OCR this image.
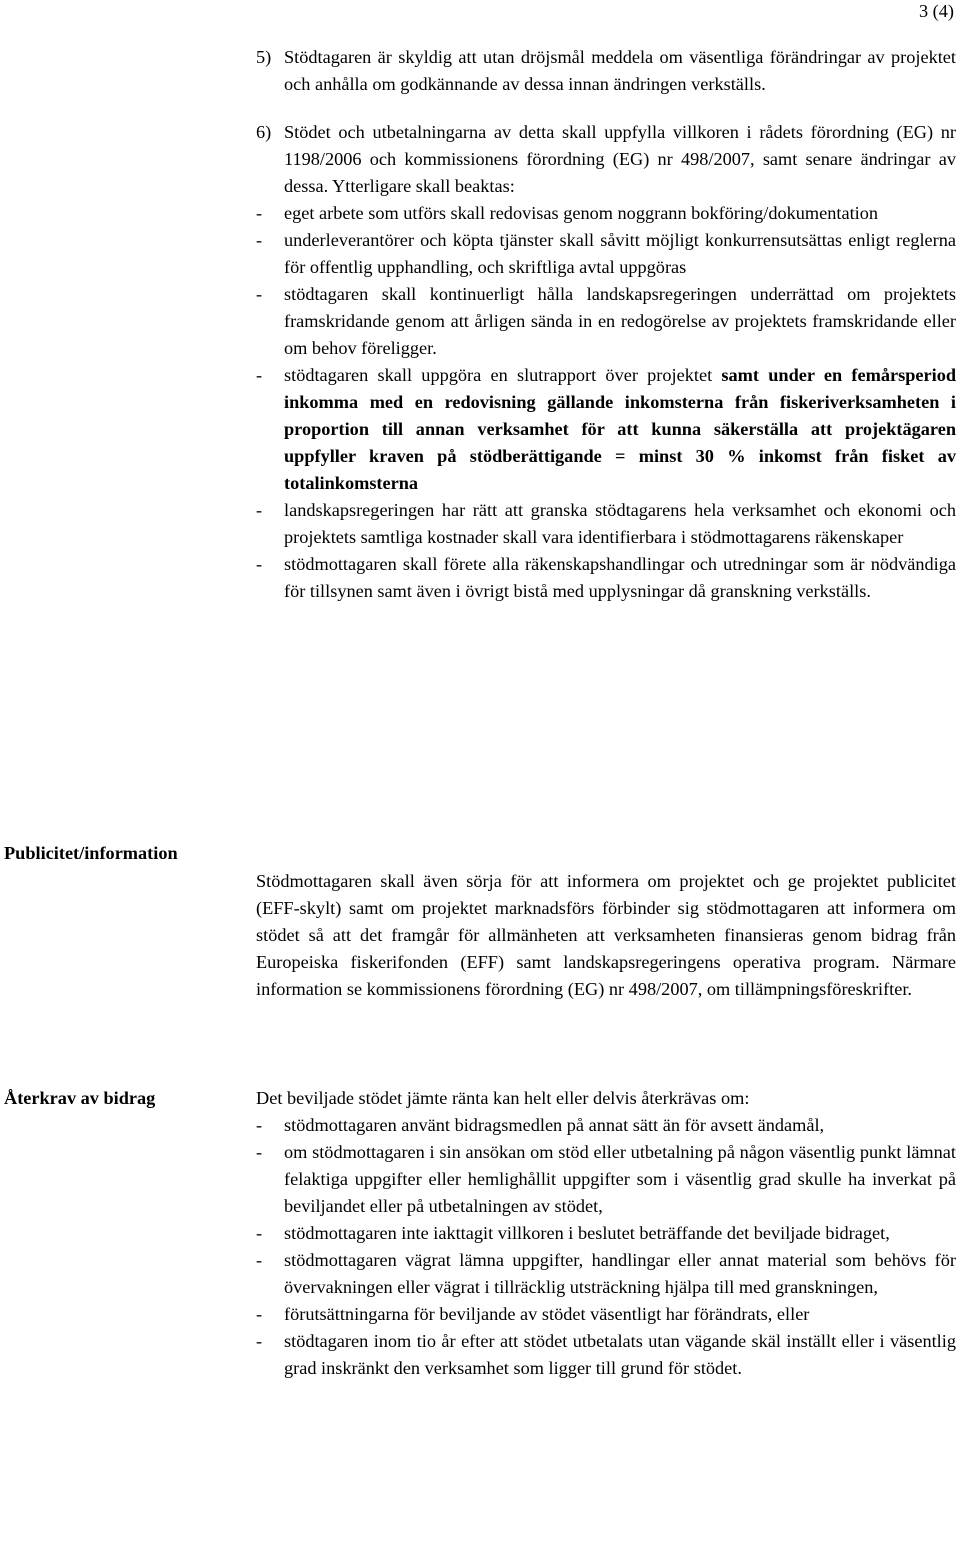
3 (4)
5) Stödtagaren är skyldig att utan dröjsmål meddela om väsentliga förändringar av projektet och anhålla om godkännande av dessa innan ändringen verkställs.
6) Stödet och utbetalningarna av detta skall uppfylla villkoren i rådets förordning (EG) nr 1198/2006 och kommissionens förordning (EG) nr 498/2007, samt senare ändringar av dessa. Ytterligare skall beaktas:
-	eget arbete som utförs skall redovisas genom noggrann bokföring/dokumentation
-	underleverantörer och köpta tjänster skall såvitt möjligt konkurrensutsättas enligt reglerna för offentlig upphandling, och skriftliga avtal uppgöras
-	stödtagaren skall kontinuerligt hålla landskapsregeringen underrättad om projektets framskridande genom att årligen sända in en redogörelse av projektets framskridande eller om behov föreligger.
-	stödtagaren skall uppgöra en slutrapport över projektet samt under en femårsperiod inkomma med en redovisning gällande inkomsterna från fiskeriverksamheten i proportion till annan verksamhet för att kunna säkerställa att projektägaren uppfyller kraven på stödberättigande = minst 30 % inkomst från fisket av totalinkomsterna
-	landskapsregeringen har rätt att granska stödtagarens hela verksamhet och ekonomi och projektets samtliga kostnader skall vara identifierbara i stödmottagarens räkenskaper
-	stödmottagaren skall förete alla räkenskapshandlingar och utredningar som är nödvändiga för tillsynen samt även i övrigt bistå med upplysningar då granskning verkställs.
Publicitet/information

Stödmottagaren skall även sörja för att informera om projektet och ge projektet publicitet (EFF-skylt) samt om projektet marknadsförs förbinder sig stödmottagaren att informera om stödet så att det framgår för allmänheten att verksamheten finansieras genom bidrag från Europeiska fiskerifonden (EFF) samt landskapsregeringens operativa program. Närmare information se kommissionens förordning (EG) nr 498/2007, om tillämpningsföreskrifter.

Återkrav av bidrag	Det beviljade stödet jämte ränta kan helt eller delvis återkrävas om:

-	stödmottagaren använt bidragsmedlen på annat sätt än för avsett ändamål,
-	om stödmottagaren i sin ansökan om stöd eller utbetalning på någon väsentlig punkt lämnat felaktiga uppgifter eller hemlighållit uppgifter som i väsentlig grad skulle ha inverkat på beviljandet eller på utbetalningen av stödet,
-	stödmottagaren inte iakttagit villkoren i beslutet beträffande det beviljade bidraget,
-	stödmottagaren vägrat lämna uppgifter, handlingar eller annat material som behövs för övervakningen eller vägrat i tillräcklig utsträckning hjälpa till med granskningen,
-	förutsättningarna för beviljande av stödet väsentligt har förändrats, eller
-	stödtagaren inom tio år efter att stödet utbetalats utan vägande skäl inställt eller i väsentlig grad inskränkt den verksamhet som ligger till grund för stödet.
